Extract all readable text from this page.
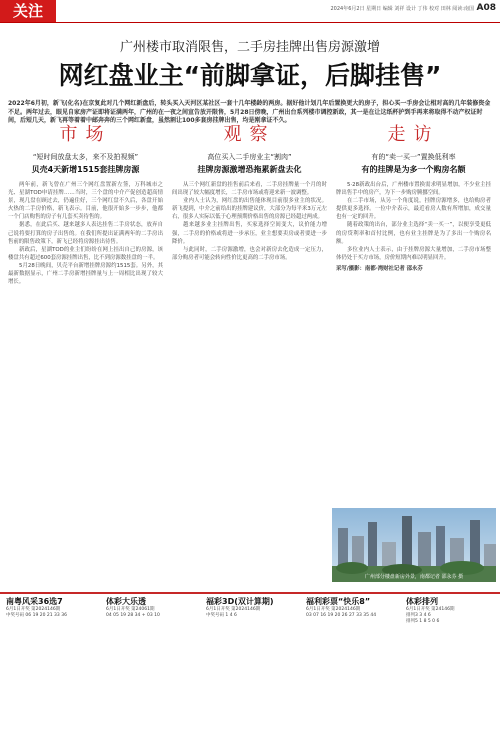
关注	2024年6月2日 星期日 编辑 刘祥 设计 丁伟 校对 田林 阅读:南国 A08
广州楼市取消限售，二手房挂牌出售房源激增
网红盘业主“前脚拿证，后脚挂售”
2022年6月初，新飞(化名)在京复此对几个网红新盘后，转头买入天河区某社区一套十几年楼龄的两房。据好他计划几年后置换更大的房子，担心买一手房会让相对高的几年装修资金不足。两年过去，眼见自家房产证即将证满两年，广州的在一夜之间宣告放开限售，5月28日傍晚，广州出台系列楼市调控新政，其一是在让这纸杯护到手再来将取得不动产权证时间，后短几天，新飞再等着着中邮奔奔的三个网红新盘，虽然割让100多套房挂牌出售，均是刚拿证不久。
市场
“短时间放盘太多，来不及拍视频”
贝壳4天新增1515套挂牌房源

两年前，新飞曾在广州三个网红盘置新左签，万科城市之光、星湖TOD申请挂牌……当时，三个盘的中介产促创造超高情景，现几盘在顾过去，仍遍住好，三个网红盘不久后，各盘开始火热的二手房价格，新飞表示。目前，他很开始多一步步，他都一个门店购售的房子有几套买卖待售的。

据悉，在此后买、越来越多人表达挂售二手房状态，放弃自己说将要打算的房子出售的。在我们所提出证满两年的二手房出售前的限售政策下，新飞已经将房源挂出待售。

新政后，星湖TOD的业主们纷纷在网上挂出自己的房源，该楼盘共有超过600套房源挂牌出售，比不到房源数挂盘的一半。

5月28日晚间，贝壳平台新增挂牌房源约1515套。另外，其最新数据显示，广州二手房新增挂牌量与上一周相比出现了较大增长。

观察
高位买入二手房业主“割肉”
挂牌房源激增恐拖累新盘去化

从三个网红新盘的挂售前后来看，二手房挂牌量一个月的时间出现了较大幅度增长，二手房市场或将迎来新一波调整。

业内人士认为，网红盘的出售能体现目前很多业主的状况。新飞提到，中介之前给出的挂牌建议价，大部分为每平米3万元左右，很多人实际以低于心理预期价格出售的房源已经超过两成。

越来越多业主挂牌出售，买家选择空间变大，议价能力增强，二手房的价格或将进一步承压，业主想要卖房或者要进一步降价。

与此同时，二手房源激增，也会对新房去化造成一定压力，部分购房者可能会转向性价比更高的二手房市场。

走访
有的“卖一买一”置换低利率
有的挂牌是为多一个购房名额

5·28新政出台后，广州楼市置换需求明显增加，不少业主挂牌出售手中的房产，为下一步购房腾挪空间。

在二手市场，从另一个角度说，挂牌房源增多，也给购房者提供更多选择。一位中介表示，最近看房人数有所增加，成交量也有一定的回升。

随着政策的出台，部分业主选择“卖一买一”，以便享受更低的房贷利率和首付比例，也有业主挂牌是为了多出一个购房名额。

多位业内人士表示，由于挂牌房源大量增加，二手房市场整体仍处于买方市场，房价短期内难以明显回升。

采写/摄影：南都·湾财社记者 邵永芬
广州部分楼盘新房外景，南都记者 邵永芬 摄
南粤风采36选7
6月1日开奖 第2024146期
中奖号码 06 19 20 21 33 36
体彩大乐透
6月1日开奖 第24061期
04 05 19 28 34 + 03 10
福彩3D(双计算期)
6月1日开奖 第2024146期
中奖号码 1 4 6
福利彩票“快乐8”
6月1日开奖 第2024146期
03 07 16 19 20 26 27 33 35 44
体彩排列
6月1日开奖 第24146期
排列3 3 4 6
排列5 1 8 5 0 6
